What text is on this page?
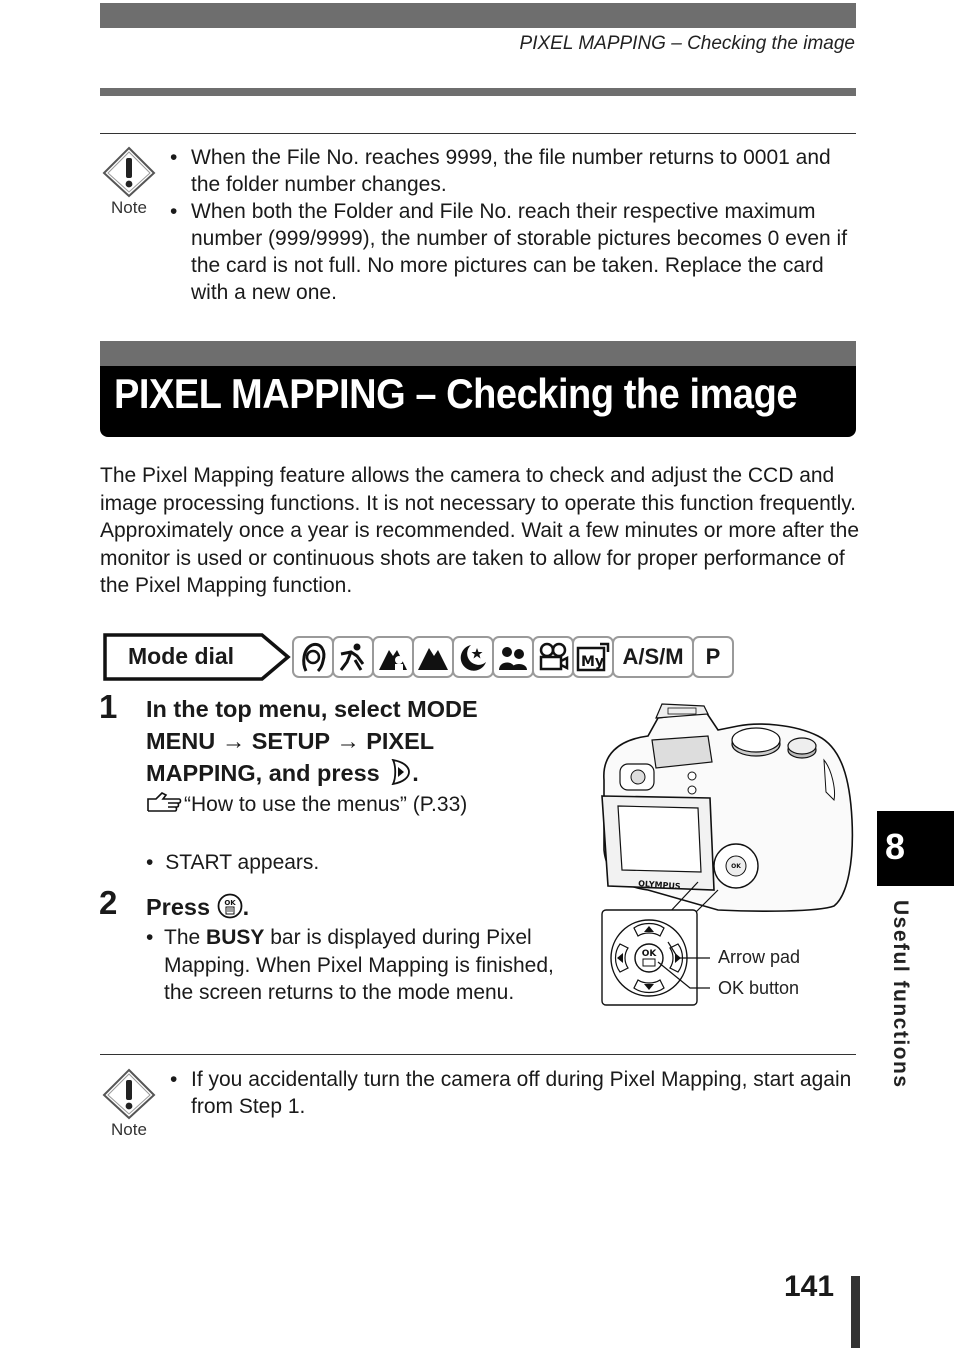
PIXEL MAPPING – Checking the image
Note
• When the File No. reaches 9999, the file number returns to 0001 and the folder number changes.
• When both the Folder and File No. reach their respective maximum number (999/9999), the number of storable pictures becomes 0 even if the card is not full. No more pictures can be taken. Replace the card with a new one.
PIXEL MAPPING – Checking the image
The Pixel Mapping feature allows the camera to check and adjust the CCD and image processing functions. It is not necessary to operate this function frequently. Approximately once a year is recommended. Wait a few minutes or more after the monitor is used or continuous shots are taken to allow for proper performance of the Pixel Mapping function.
Mode dial	My A/S/M	P
1 In the top menu, select MODE
MENU → SETUP → PIXEL
MAPPING, and press .
“How to use the menus” (P.33)
• START appears.
2 Press OK .
• The BUSY bar is displayed during Pixel
Mapping. When Pixel Mapping is finished,
the screen returns to the mode menu.
OK
OLYMPUS
OK	Arrow pad
OK button
Note
• If you accidentally turn the camera off during Pixel Mapping, start again from Step 1.
8
Useful functions
141
